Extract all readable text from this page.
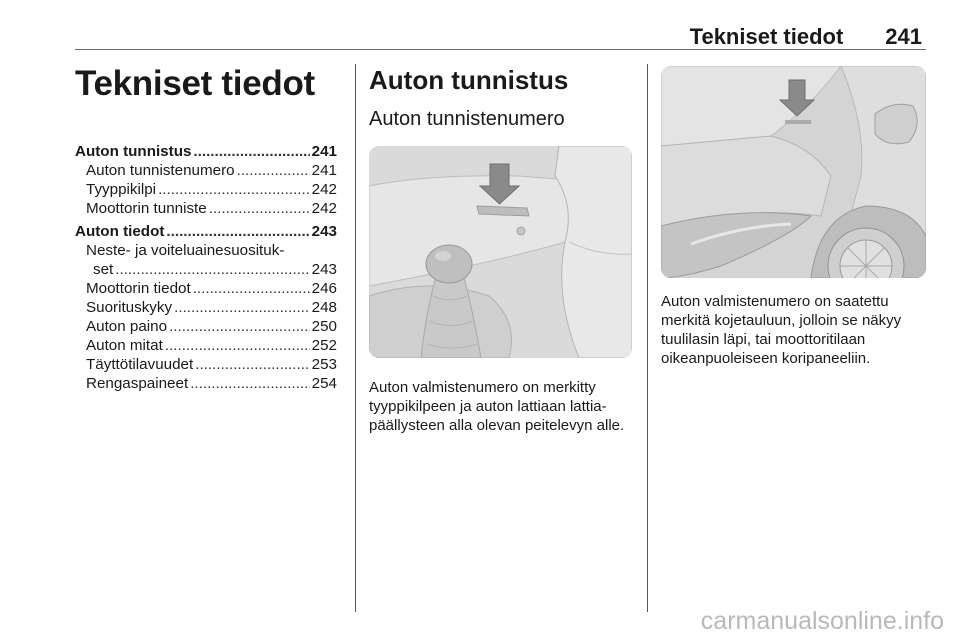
Tekniset tiedot 241
Tekniset tiedot
Auton tunnistus .....	241
Auton tunnistenumero .....	241
Tyyppikilpi .....	242
Moottorin tunniste .....	242
Auton tiedot .....	243
Neste- ja voiteluainesuosituk-
set .....	243
Moottorin tiedot .....	246
Suorituskyky .....	248
Auton paino .....	250
Auton mitat .....	252
Täyttötilavuudet .....	253
Rengaspaineet .....	254
Auton tunnistus
Auton tunnistenumero

Auton valmistenumero on merkitty tyyppikilpeen ja auton lattiaan lattia-päällysteen alla olevan peitelevyn alle.

Auton valmistenumero on saatettu merkitä kojetauluun, jolloin se näkyy tuulilasin läpi, tai moottoritilaan oikeanpuoleiseen koripaneeliin.

carmanualsonline.info
